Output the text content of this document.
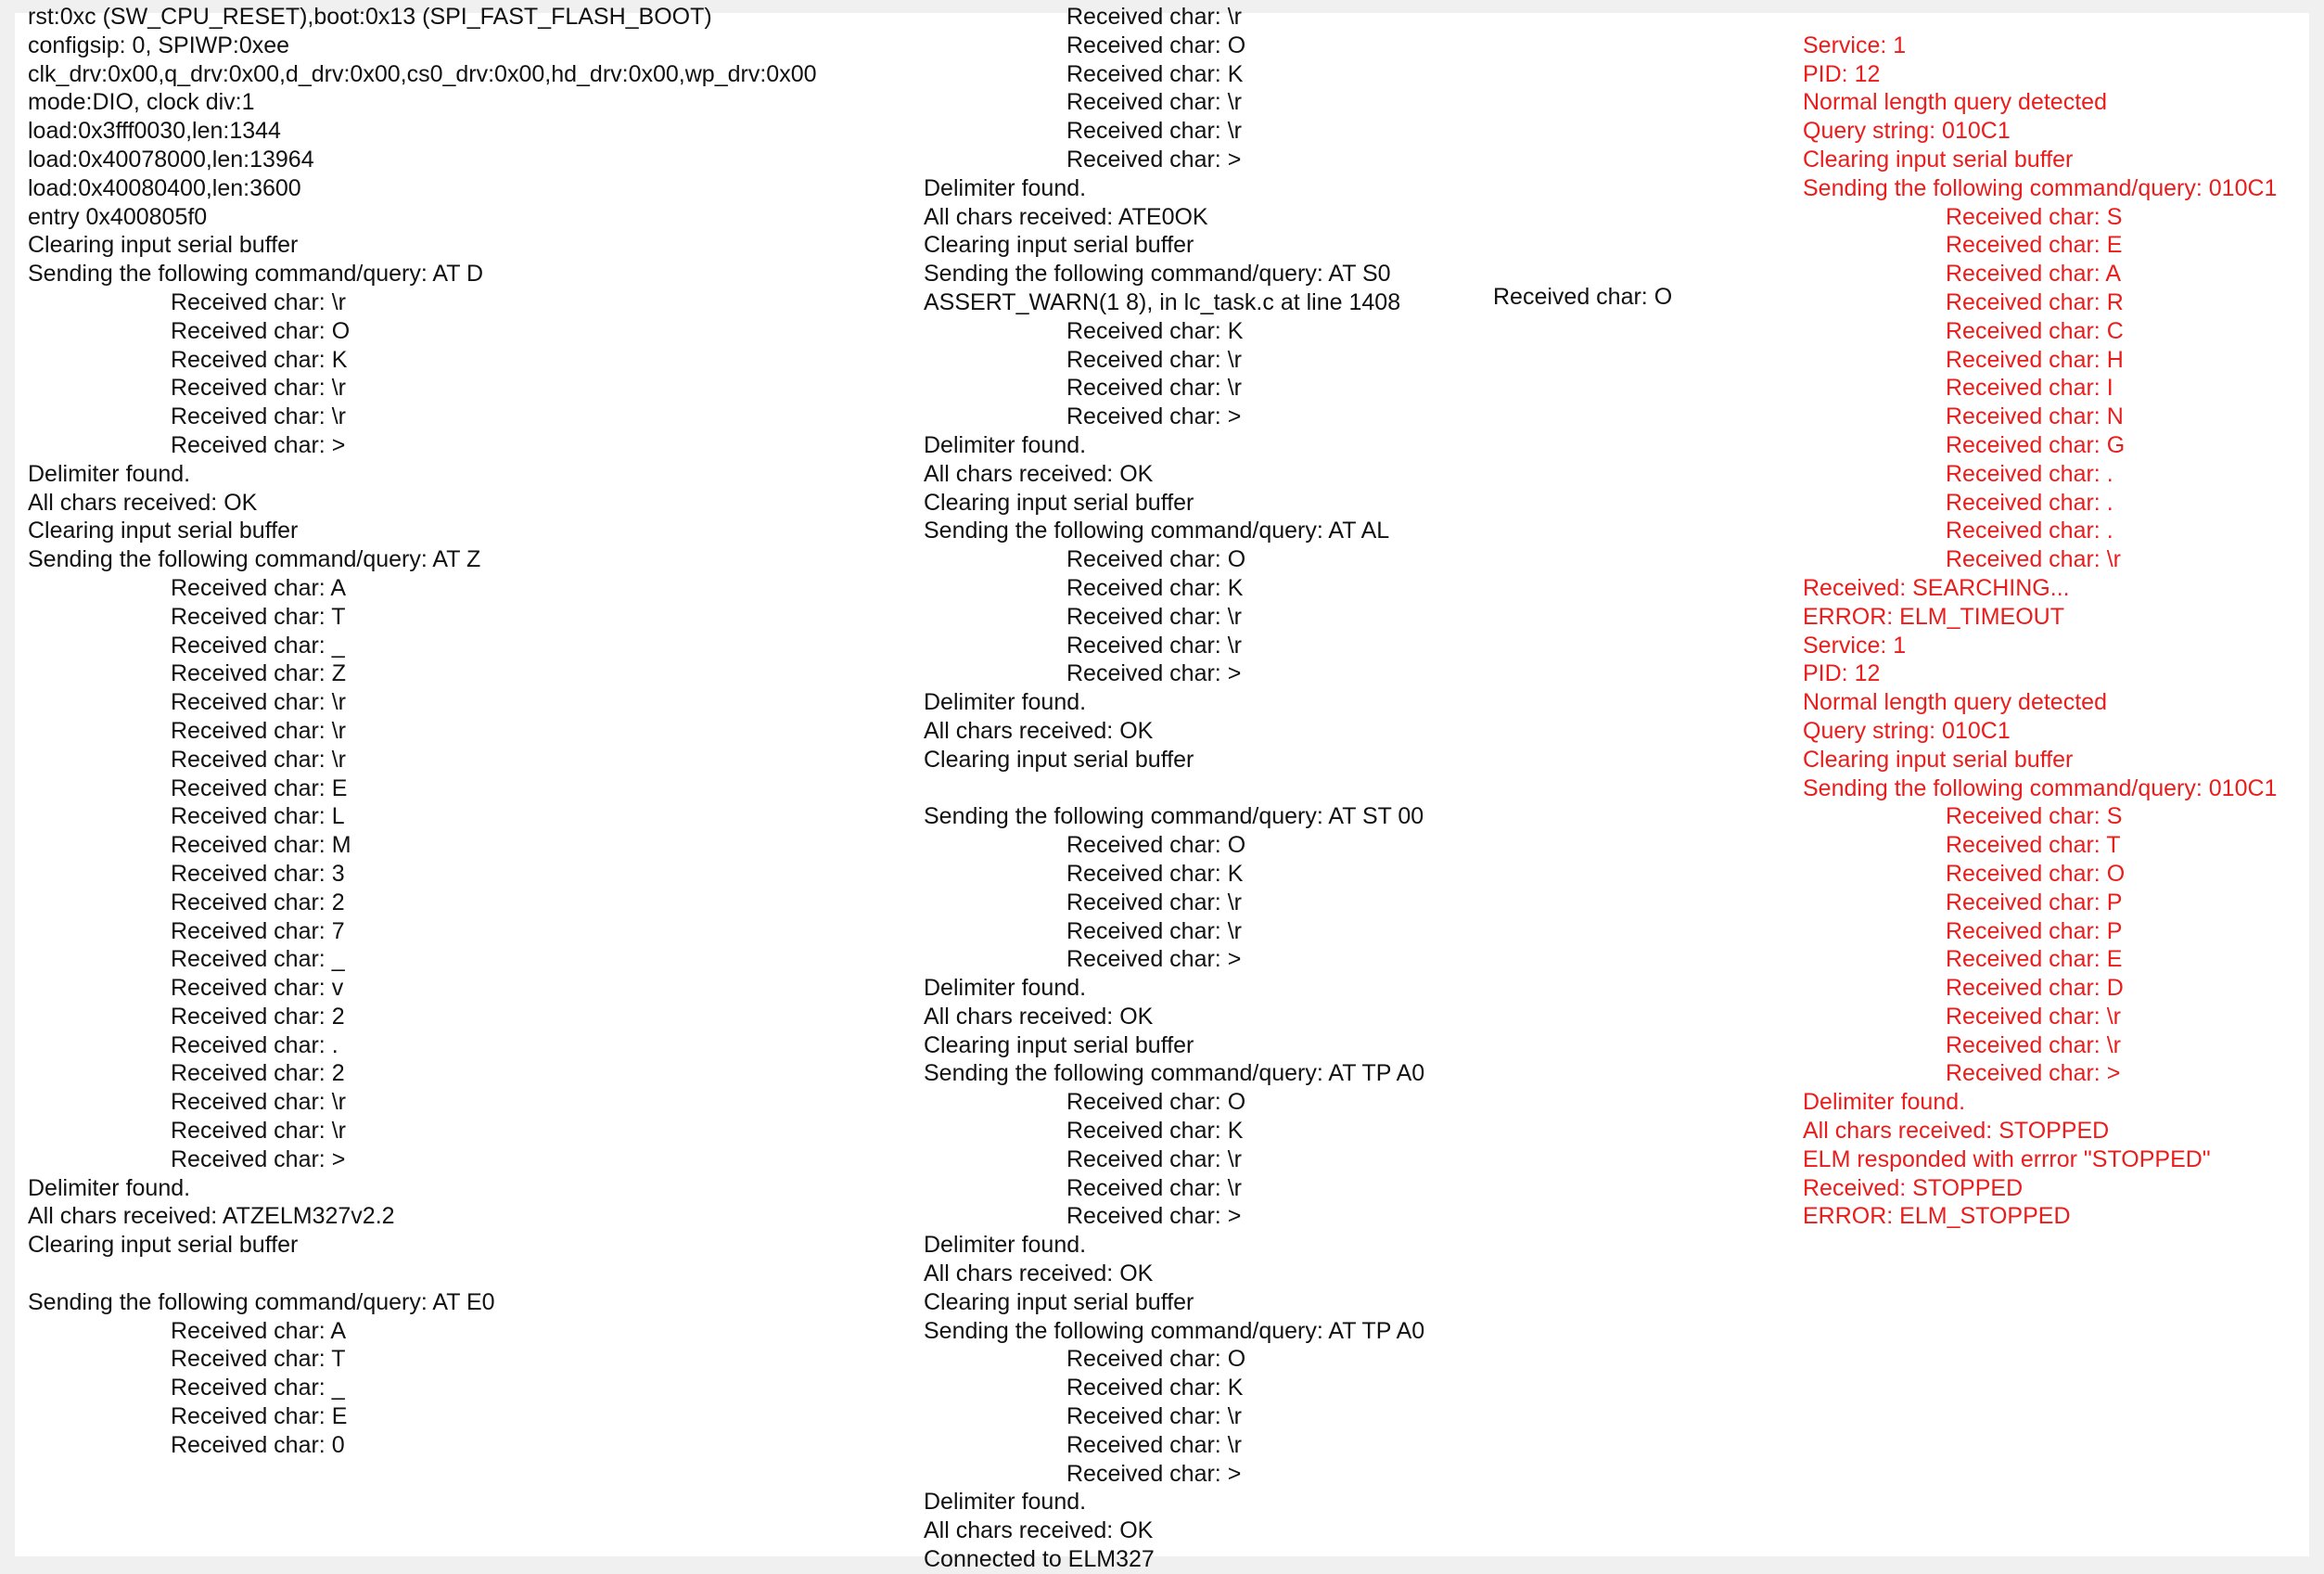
rst:0xc (SW_CPU_RESET),boot:0x13 (SPI_FAST_FLASH_BOOT)
configsip: 0, SPIWP:0xee
clk_drv:0x00,q_drv:0x00,d_drv:0x00,cs0_drv:0x00,hd_drv:0x00,wp_drv:0x00
mode:DIO, clock div:1
load:0x3fff0030,len:1344
load:0x40078000,len:13964
load:0x40080400,len:3600
entry 0x400805f0
Clearing input serial buffer
Sending the following command/query: AT D
Received char: \r
Received char: O
Received char: K
Received char: \r
Received char: \r
Received char: >
Delimiter found.
All chars received: OK
Clearing input serial buffer
Sending the following command/query: AT Z
Received char: A
Received char: T
Received char: _
Received char: Z
Received char: \r
Received char: \r
Received char: \r
Received char: E
Received char: L
Received char: M
Received char: 3
Received char: 2
Received char: 7
Received char: _
Received char: v
Received char: 2
Received char: .
Received char: 2
Received char: \r
Received char: \r
Received char: >
Delimiter found.
All chars received: ATZELM327v2.2
Clearing input serial buffer
Sending the following command/query: AT E0
Received char: A
Received char: T
Received char: _
Received char: E
Received char: 0
Received char: \r
Received char: O
Received char: K
Received char: \r
Received char: \r
Received char: >
Delimiter found.
All chars received: ATE0OK
Clearing input serial buffer
Sending the following command/query: AT S0
ASSERT_WARN(1 8), in lc_task.c at line 1408
Received char: K
Received char: \r
Received char: \r
Received char: >
Delimiter found.
All chars received: OK
Clearing input serial buffer
Sending the following command/query: AT AL
Received char: O
Received char: K
Received char: \r
Received char: \r
Received char: >
Delimiter found.
All chars received: OK
Clearing input serial buffer
Sending the following command/query: AT ST 00
Received char: O
Received char: K
Received char: \r
Received char: \r
Received char: >
Delimiter found.
All chars received: OK
Clearing input serial buffer
Sending the following command/query: AT TP A0
Received char: O
Received char: K
Received char: \r
Received char: \r
Received char: >
Delimiter found.
All chars received: OK
Clearing input serial buffer
Sending the following command/query: AT TP A0
Received char: O
Received char: K
Received char: \r
Received char: \r
Received char: >
Delimiter found.
All chars received: OK
Connected to ELM327
Service: 1
PID: 12
Normal length query detected
Query string: 010C1
Clearing input serial buffer
Sending the following command/query: 010C1
Received char: S
Received char: E
Received char: A
Received char: R
Received char: C
Received char: H
Received char: I
Received char: N
Received char: G
Received char: .
Received char: .
Received char: .
Received char: \r
Received: SEARCHING...
ERROR: ELM_TIMEOUT
Service: 1
PID: 12
Normal length query detected
Query string: 010C1
Clearing input serial buffer
Sending the following command/query: 010C1
Received char: S
Received char: T
Received char: O
Received char: P
Received char: P
Received char: E
Received char: D
Received char: \r
Received char: \r
Received char: >
Delimiter found.
All chars received: STOPPED
ELM responded with errror "STOPPED"
Received: STOPPED
ERROR: ELM_STOPPED
Received char: O
